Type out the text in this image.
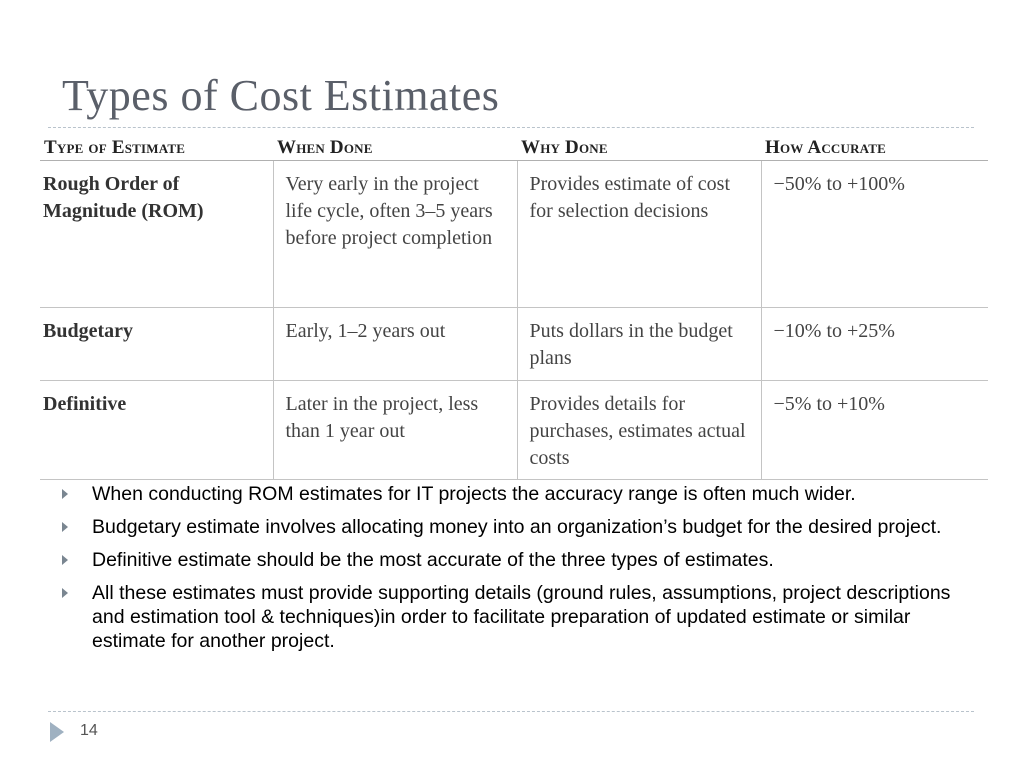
Types of Cost Estimates
Type of Estimate	When Done	Why Done	How Accurate
Rough Order of Magnitude (ROM)	Very early in the project life cycle, often 3–5 years before project completion	Provides estimate of cost for selection decisions	−50% to +100%
Budgetary	Early, 1–2 years out	Puts dollars in the budget plans	−10% to +25%
Definitive	Later in the project, less than 1 year out	Provides details for purchases, estimates actual costs	−5% to +10%
When conducting ROM estimates for IT projects the accuracy range is often much wider.
Budgetary estimate involves allocating money into an organization’s budget for the desired project.
Definitive estimate should be the most accurate of the three types of estimates.
All these estimates must provide supporting details (ground rules, assumptions, project descriptions and estimation tool & techniques)in order to facilitate preparation of updated estimate or similar estimate for another project.
14
